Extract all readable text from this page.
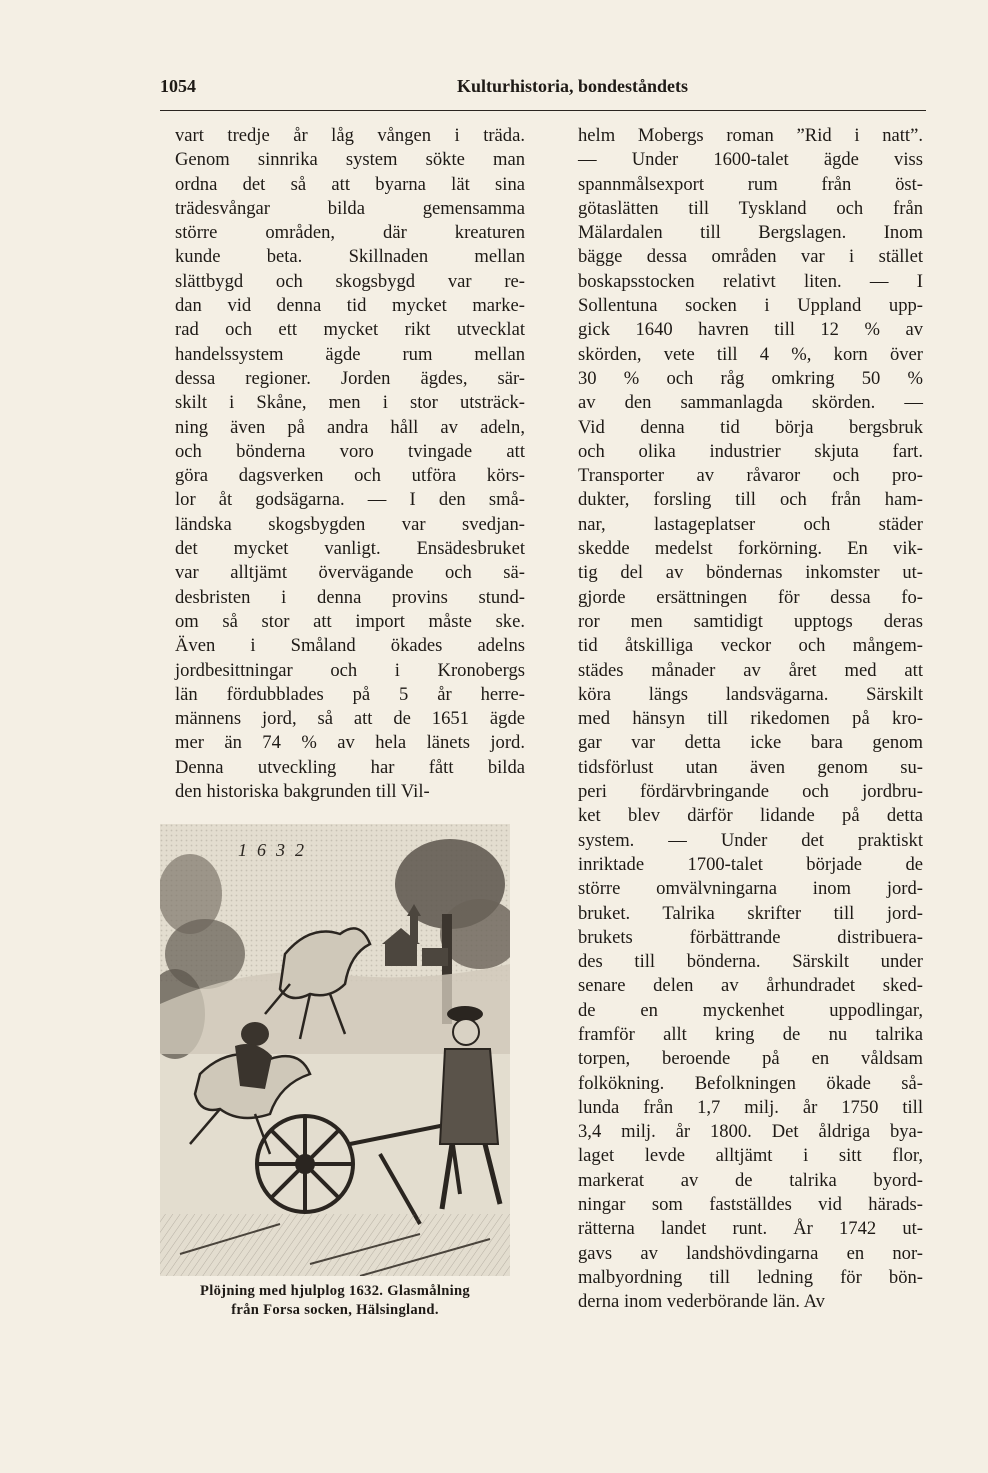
1054	Kulturhistoria, bondeståndets
vart tredje år låg vången i träda.
Genom sinnrika system sökte man
ordna det så att byarna lät sina
trädesvångar bilda gemensamma
större områden, där kreaturen
kunde beta. Skillnaden mellan
slättbygd och skogsbygd var re-
dan vid denna tid mycket marke-
rad och ett mycket rikt utvecklat
handelssystem ägde rum mellan
dessa regioner. Jorden ägdes, sär-
skilt i Skåne, men i stor utsträck-
ning även på andra håll av adeln,
och bönderna voro tvingade att
göra dagsverken och utföra körs-
lor åt godsägarna. — I den små-
ländska skogsbygden var svedjan-
det mycket vanligt. Ensädesbruket
var alltjämt övervägande och sä-
desbristen i denna provins stund-
om så stor att import måste ske.
Även i Småland ökades adelns
jordbesittningar och i Kronobergs
län fördubblades på 5 år herre-
männens jord, så att de 1651 ägde
mer än 74 % av hela länets jord.
Denna utveckling har fått bilda
den historiska bakgrunden till Vil-
helm Mobergs roman ”Rid i natt”.
— Under 1600-talet ägde viss
spannmålsexport rum från öst-
götaslätten till Tyskland och från
Mälardalen till Bergslagen. Inom
bägge dessa områden var i stället
boskapsstocken relativt liten. — I
Sollentuna socken i Uppland upp-
gick 1640 havren till 12 % av
skörden, vete till 4 %, korn över
30 % och råg omkring 50 %
av den sammanlagda skörden. —
Vid denna tid börja bergsbruk
och olika industrier skjuta fart.
Transporter av råvaror och pro-
dukter, forsling till och från ham-
nar, lastageplatser och städer
skedde medelst forkörning. En vik-
tig del av böndernas inkomster ut-
gjorde ersättningen för dessa fo-
ror men samtidigt upptogs deras
tid åtskilliga veckor och mångem-
städes månader av året med att
köra längs landsvägarna. Särskilt
med hänsyn till rikedomen på kro-
gar var detta icke bara genom
tidsförlust utan även genom su-
peri fördärvbringande och jordbru-
ket blev därför lidande på detta
system. — Under det praktiskt
inriktade 1700-talet började de
större omvälvningarna inom jord-
bruket. Talrika skrifter till jord-
brukets förbättrande distribuera-
des till bönderna. Särskilt under
senare delen av århundradet sked-
de en myckenhet uppodlingar,
framför allt kring de nu talrika
torpen, beroende på en våldsam
folkökning. Befolkningen ökade så-
lunda från 1,7 milj. år 1750 till
3,4 milj. år 1800. Det åldriga bya-
laget levde alltjämt i sitt flor,
markerat av de talrika byord-
ningar som fastställdes vid härads-
rätterna landet runt. År 1742 ut-
gavs av landshövdingarna en nor-
malbyordning till ledning för bön-
derna inom vederbörande län. Av
1632
Plöjning med hjulplog 1632. Glasmålning
från Forsa socken, Hälsingland.
